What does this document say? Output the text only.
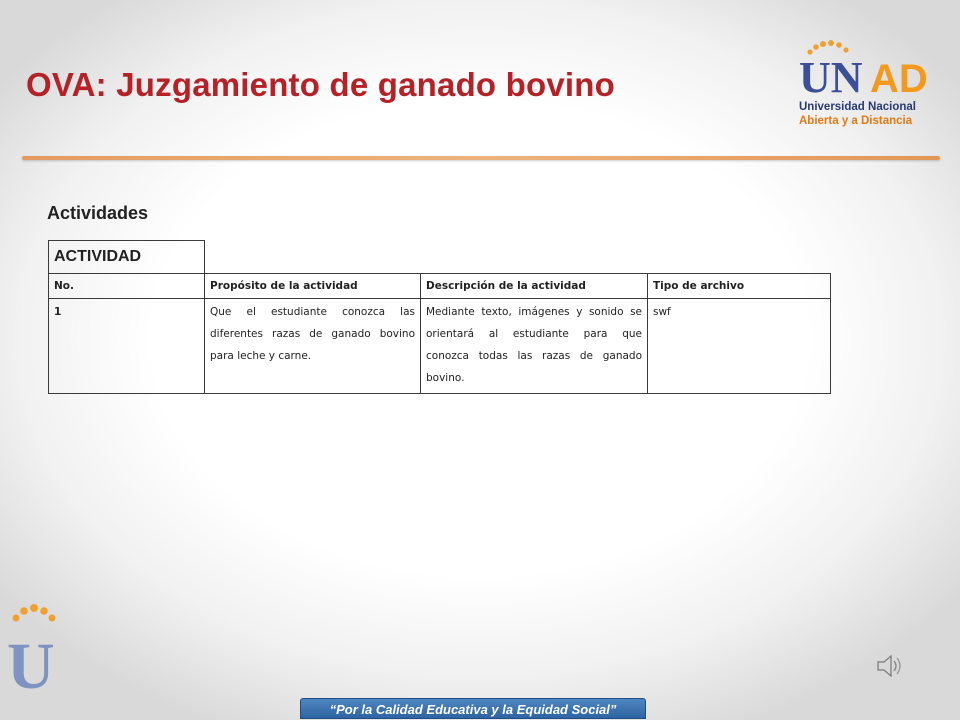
OVA: Juzgamiento de ganado bovino	UN AD
Universidad Nacional
Abierta y a Distancia
Actividades
ACTIVIDAD			
No.	Propósito de la actividad	Descripción de la actividad	Tipo de archivo
1	Que el estudiante conozca las diferentes razas de ganado bovino para leche y carne.	Mediante texto, imágenes y sonido se orientará al estudiante para que conozca todas las razas de ganado bovino.	swf
U
“Por la Calidad Educativa y la Equidad Social”
